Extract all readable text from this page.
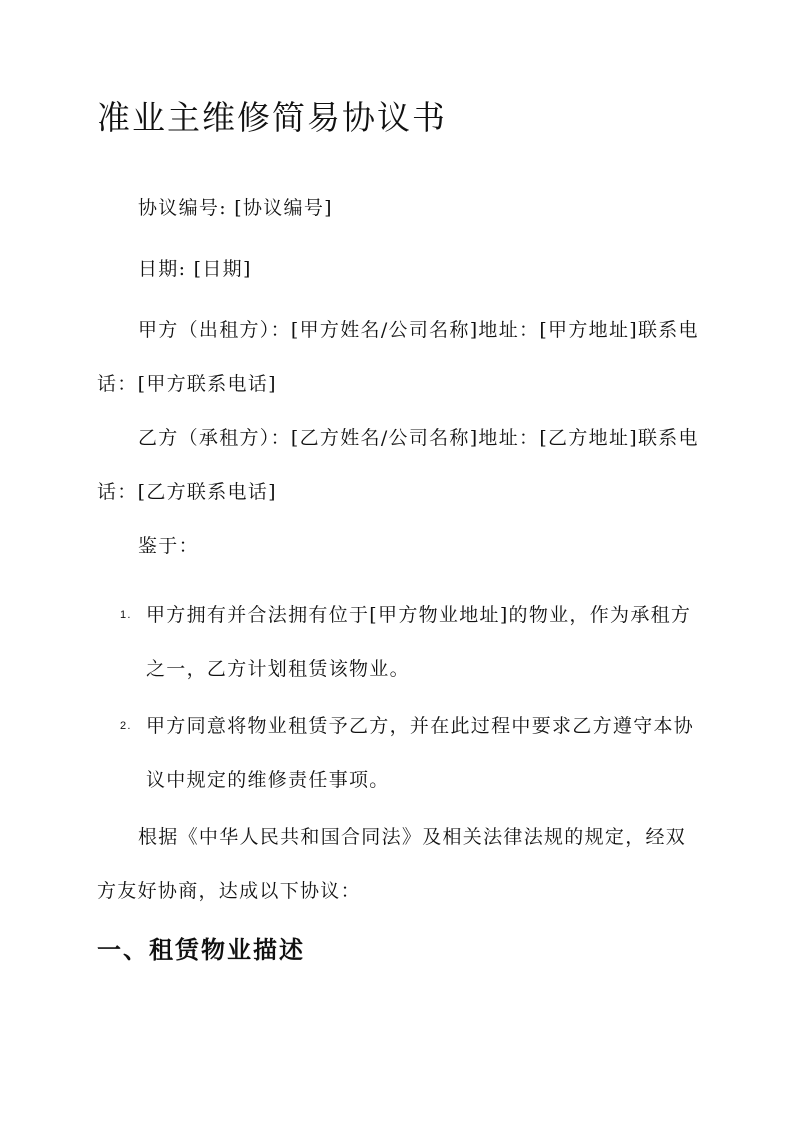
准业主维修简易协议书

协议编号: [协议编号]

日期: [日期]

甲方（出租方）：[甲方姓名/公司名称]地址：[甲方地址]联系电话：[甲方联系电话]

乙方（承租方）：[乙方姓名/公司名称]地址：[乙方地址]联系电话：[乙方联系电话]

鉴于：

1. 甲方拥有并合法拥有位于[甲方物业地址]的物业，作为承租方之一，乙方计划租赁该物业。
2. 甲方同意将物业租赁予乙方，并在此过程中要求乙方遵守本协议中规定的维修责任事项。

根据《中华人民共和国合同法》及相关法律法规的规定，经双方友好协商，达成以下协议：

一、租赁物业描述
